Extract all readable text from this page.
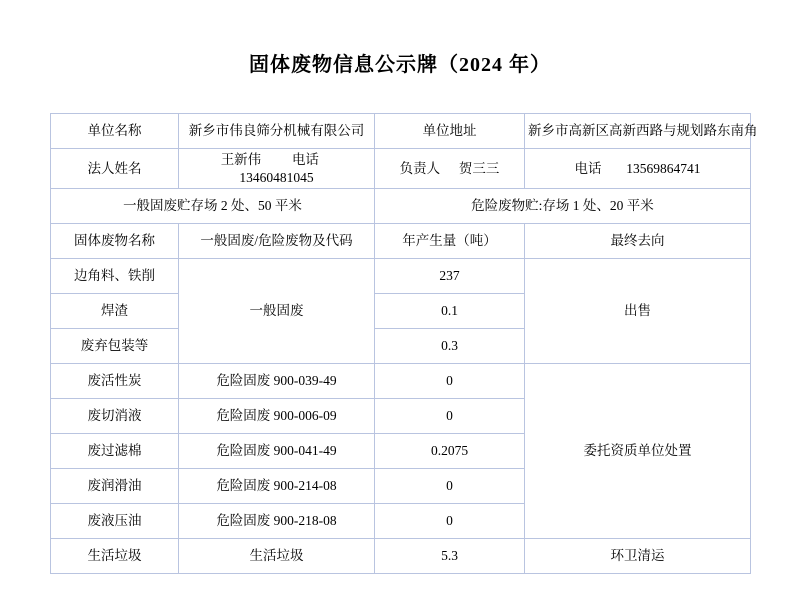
固体废物信息公示牌（2024 年）
单位名称	新乡市伟良筛分机械有限公司	单位地址	新乡市高新区高新西路与规划路东南角
法人姓名	王新伟 电话  13460481045	负责人 贺三三	电话 13569864741
一般固废贮存场 2 处、50 平米		危险废物贮:存场 1 处、20 平米	
固体废物名称	一般固废/危险废物及代码	年产生量（吨）	最终去向
边角料、铁削	一般固废	237	出售
焊渣		0.1	
废弃包装等		0.3	
废活性炭	危险固废 900-039-49	0	委托资质单位处置
废切消液	危险固废 900-006-09	0	
废过滤棉	危险固废 900-041-49	0.2075	
废润滑油	危险固废 900-214-08	0	
废液压油	危险固废 900-218-08	0	
生活垃圾	生活垃圾	5.3	环卫清运
